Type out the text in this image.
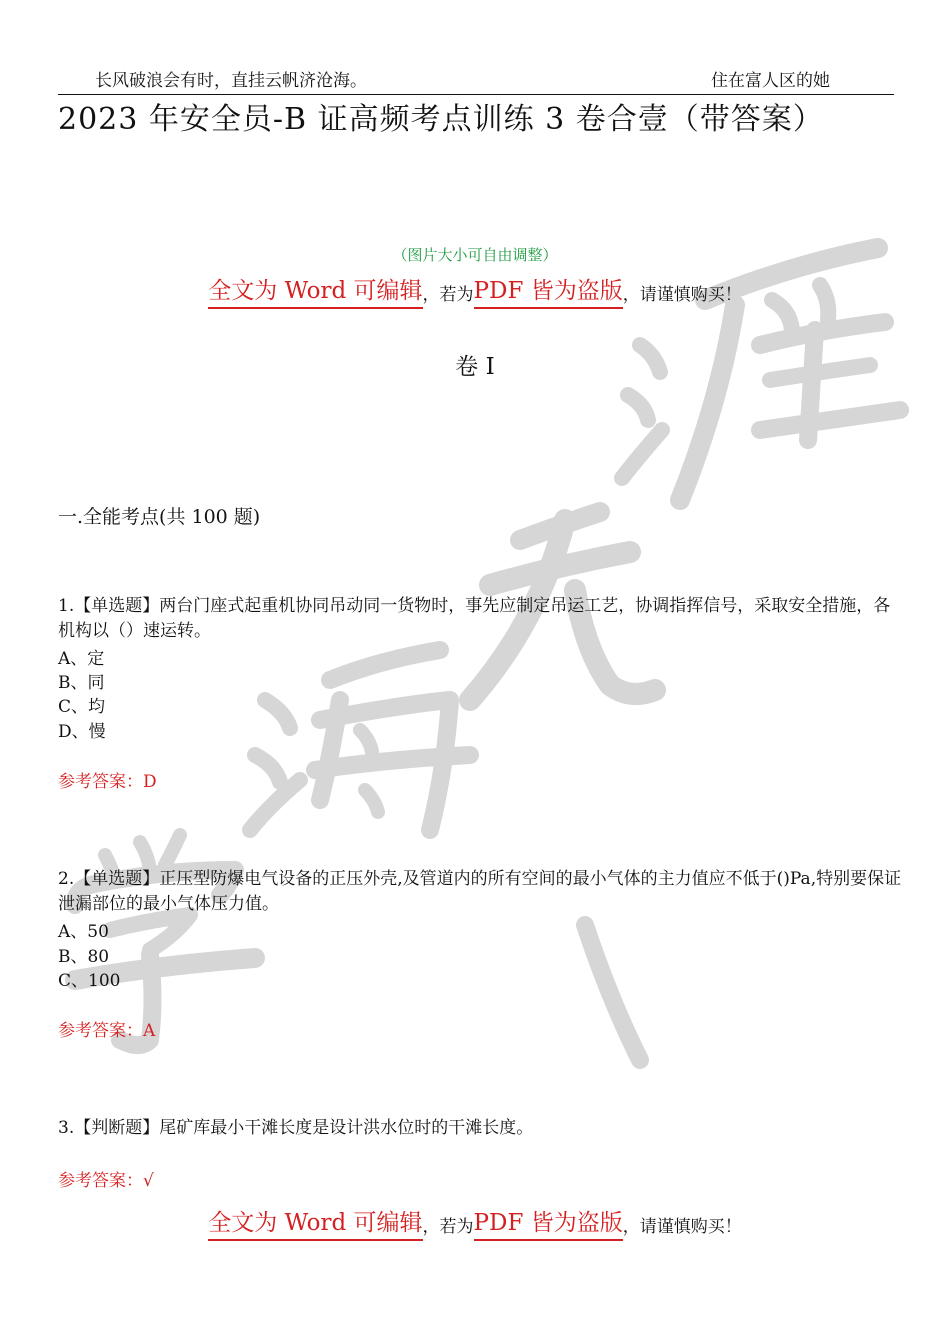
长风破浪会有时，直挂云帆济沧海。	住在富人区的她
2023 年安全员-B 证高频考点训练 3 卷合壹（带答案）
（图片大小可自由调整）
全文为 Word 可编辑，若为PDF 皆为盗版，请谨慎购买！
卷 I
一.全能考点(共 100 题)
1.【单选题】两台门座式起重机协同吊动同一货物时，事先应制定吊运工艺，协调指挥信号，采取安全措施，各机构以（）速运转。
A、定
B、同
C、均
D、慢
参考答案：D
2.【单选题】正压型防爆电气设备的正压外壳,及管道内的所有空间的最小气体的主力值应不低于()Pa,特别要保证泄漏部位的最小气体压力值。
A、50
B、80
C、100
参考答案：A
3.【判断题】尾矿库最小干滩长度是设计洪水位时的干滩长度。
参考答案：√
全文为 Word 可编辑，若为PDF 皆为盗版，请谨慎购买！
